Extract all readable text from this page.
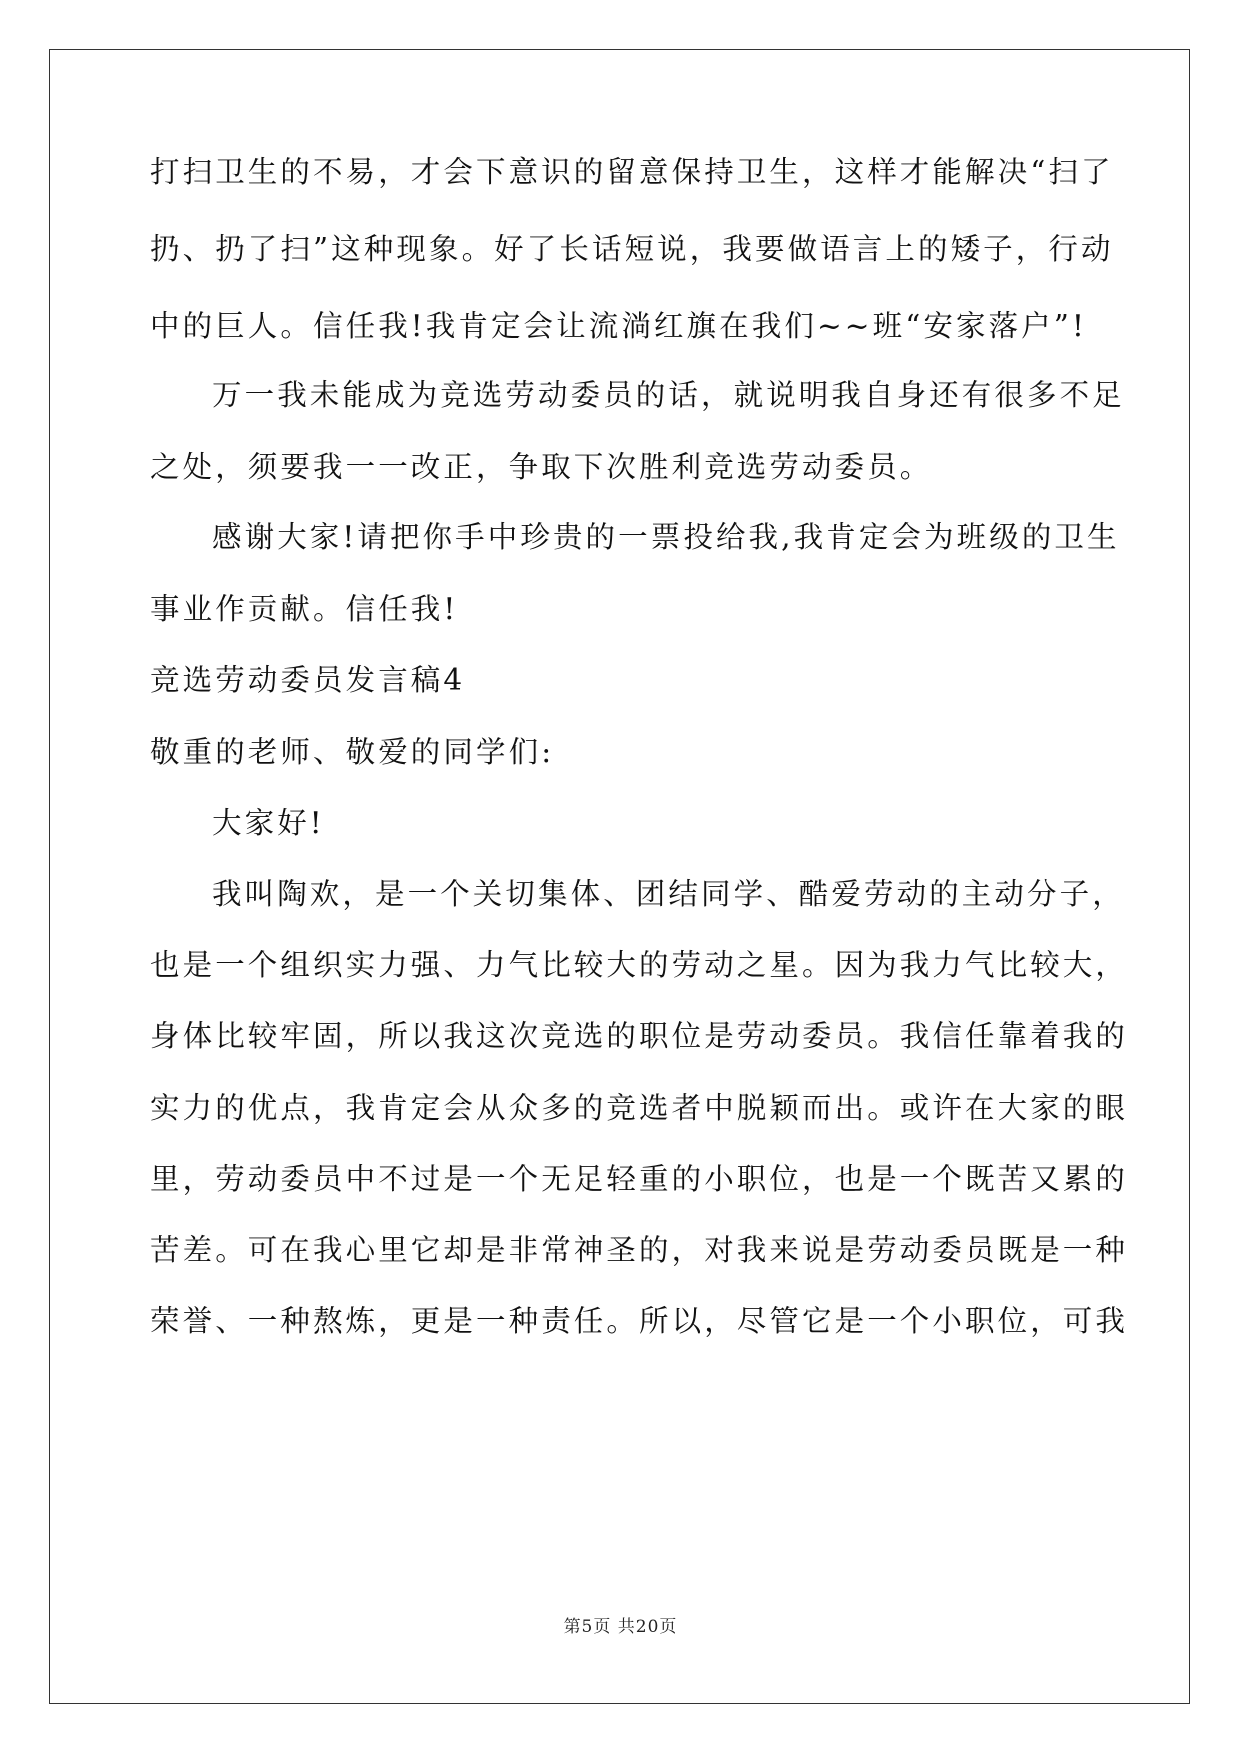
打扫卫生的不易，才会下意识的留意保持卫生，这样才能解决“扫了
扔、扔了扫”这种现象。好了长话短说，我要做语言上的矮子，行动
中的巨人。信任我!我肯定会让流淌红旗在我们~~班“安家落户”!
万一我未能成为竞选劳动委员的话，就说明我自身还有很多不足
之处，须要我一一改正，争取下次胜利竞选劳动委员。
感谢大家!请把你手中珍贵的一票投给我,我肯定会为班级的卫生
事业作贡献。信任我!
竞选劳动委员发言稿4
敬重的老师、敬爱的同学们:
大家好!
我叫陶欢，是一个关切集体、团结同学、酷爱劳动的主动分子，
也是一个组织实力强、力气比较大的劳动之星。因为我力气比较大，
身体比较牢固，所以我这次竞选的职位是劳动委员。我信任靠着我的
实力的优点，我肯定会从众多的竞选者中脱颖而出。或许在大家的眼
里，劳动委员中不过是一个无足轻重的小职位，也是一个既苦又累的
苦差。可在我心里它却是非常神圣的，对我来说是劳动委员既是一种
荣誉、一种熬炼，更是一种责任。所以，尽管它是一个小职位，可我
第5页 共20页
